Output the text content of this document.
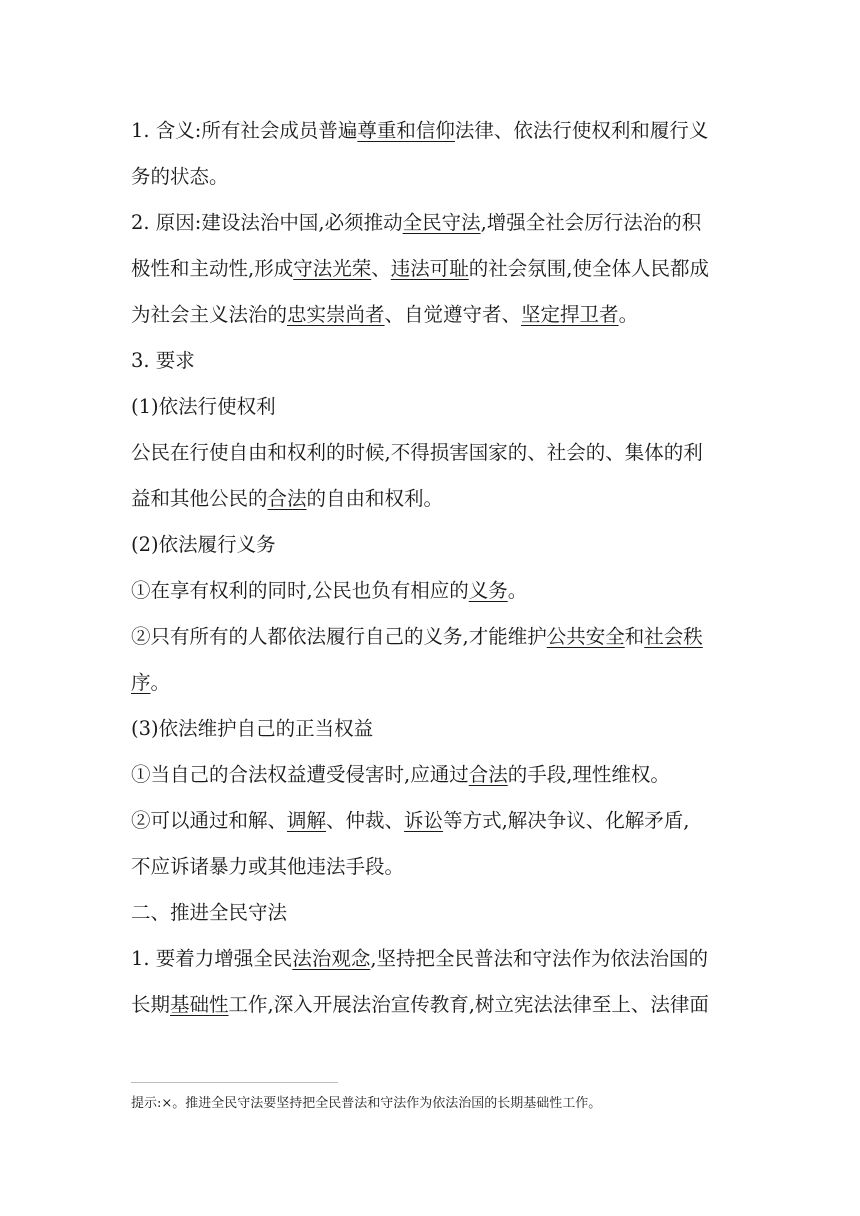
1. 含义:所有社会成员普遍尊重和信仰法律、依法行使权利和履行义
务的状态。
2. 原因:建设法治中国,必须推动全民守法,增强全社会厉行法治的积
极性和主动性,形成守法光荣、违法可耻的社会氛围,使全体人民都成
为社会主义法治的忠实崇尚者、自觉遵守者、坚定捍卫者。
3. 要求
(1)依法行使权利
公民在行使自由和权利的时候,不得损害国家的、社会的、集体的利
益和其他公民的合法的自由和权利。
(2)依法履行义务
①在享有权利的同时,公民也负有相应的义务。
②只有所有的人都依法履行自己的义务,才能维护公共安全和社会秩
序。
(3)依法维护自己的正当权益
①当自己的合法权益遭受侵害时,应通过合法的手段,理性维权。
②可以通过和解、调解、仲裁、诉讼等方式,解决争议、化解矛盾,
不应诉诸暴力或其他违法手段。
二、推进全民守法
1. 要着力增强全民法治观念,坚持把全民普法和守法作为依法治国的
长期基础性工作,深入开展法治宣传教育,树立宪法法律至上、法律面
提示:×。推进全民守法要坚持把全民普法和守法作为依法治国的长期基础性工作。
